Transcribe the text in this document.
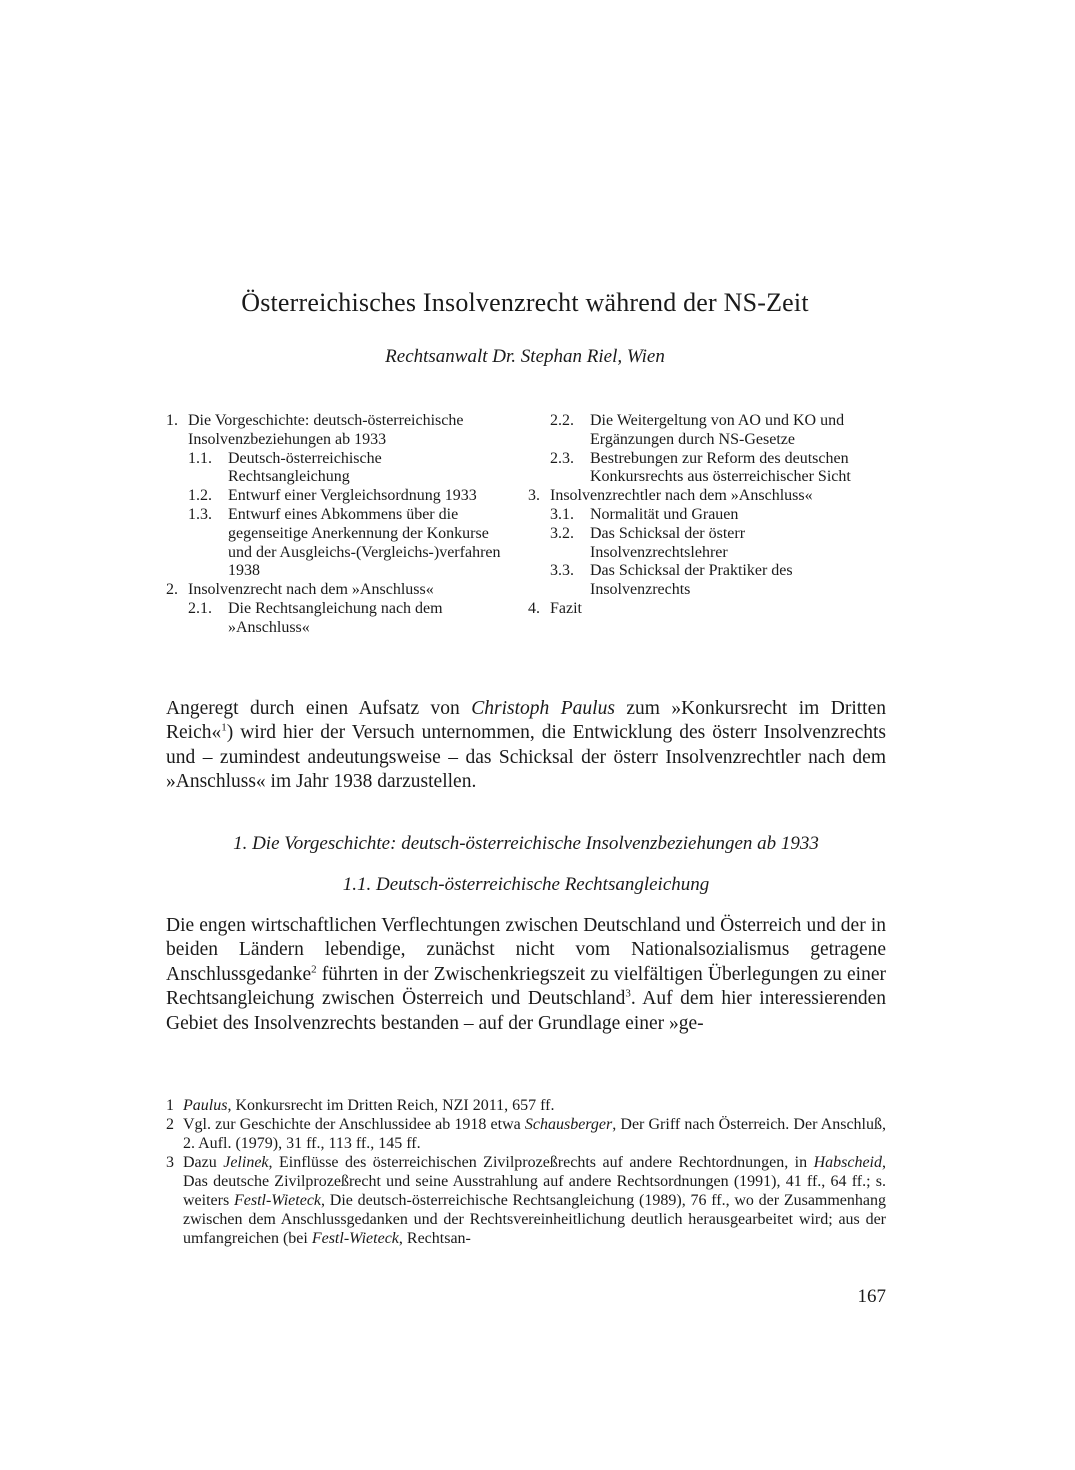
Österreichisches Insolvenzrecht während der NS-Zeit
Rechtsanwalt Dr. Stephan Riel, Wien
1. Die Vorgeschichte: deutsch-österreichische Insolvenzbeziehungen ab 1933
1.1.	Deutsch-österreichische Rechtsangleichung
1.2.	Entwurf einer Vergleichsordnung 1933
1.3.	Entwurf eines Abkommens über die gegenseitige Anerkennung der Konkurse und der Ausgleichs-(Vergleichs-)verfahren 1938
2. Insolvenzrecht nach dem »Anschluss«
2.1.	Die Rechtsangleichung nach dem »Anschluss«
2.2.	Die Weitergeltung von AO und KO und Ergänzungen durch NS-Gesetze
2.3.	Bestrebungen zur Reform des deutschen Konkursrechts aus österreichischer Sicht
3. Insolvenzrechtler nach dem »Anschluss«
3.1.	Normalität und Grauen
3.2.	Das Schicksal der österr Insolvenzrechtslehrer
3.3.	Das Schicksal der Praktiker des Insolvenzrechts
4. Fazit
Angeregt durch einen Aufsatz von Christoph Paulus zum »Konkursrecht im Dritten Reich«$^1$) wird hier der Versuch unternommen, die Entwicklung des österr Insolvenzrechts und – zumindest andeutungsweise – das Schicksal der österr Insolvenzrechtler nach dem »Anschluss« im Jahr 1938 darzustellen.
1. Die Vorgeschichte: deutsch-österreichische Insolvenzbeziehungen ab 1933
1.1. Deutsch-österreichische Rechtsangleichung
Die engen wirtschaftlichen Verflechtungen zwischen Deutschland und Österreich und der in beiden Ländern lebendige, zunächst nicht vom Nationalsozialismus getragene Anschlussgedanke$^2$ führten in der Zwischenkriegszeit zu vielfältigen Überlegungen zu einer Rechtsangleichung zwischen Österreich und Deutschland$^3$. Auf dem hier interessierenden Gebiet des Insolvenzrechts bestanden – auf der Grundlage einer »ge-
1 Paulus, Konkursrecht im Dritten Reich, NZI 2011, 657 ff.
2 Vgl. zur Geschichte der Anschlussidee ab 1918 etwa Schausberger, Der Griff nach Österreich. Der Anschluß, 2. Aufl. (1979), 31 ff., 113 ff., 145 ff.
3 Dazu Jelinek, Einflüsse des österreichischen Zivilprozeßrechts auf andere Rechtordnungen, in Habscheid, Das deutsche Zivilprozeßrecht und seine Ausstrahlung auf andere Rechtsordnungen (1991), 41 ff., 64 ff.; s. weiters Festl-Wieteck, Die deutsch-österreichische Rechtsangleichung (1989), 76 ff., wo der Zusammenhang zwischen dem Anschlussgedanken und der Rechtsvereinheitlichung deutlich herausgearbeitet wird; aus der umfangreichen (bei Festl-Wieteck, Rechtsan-
167
